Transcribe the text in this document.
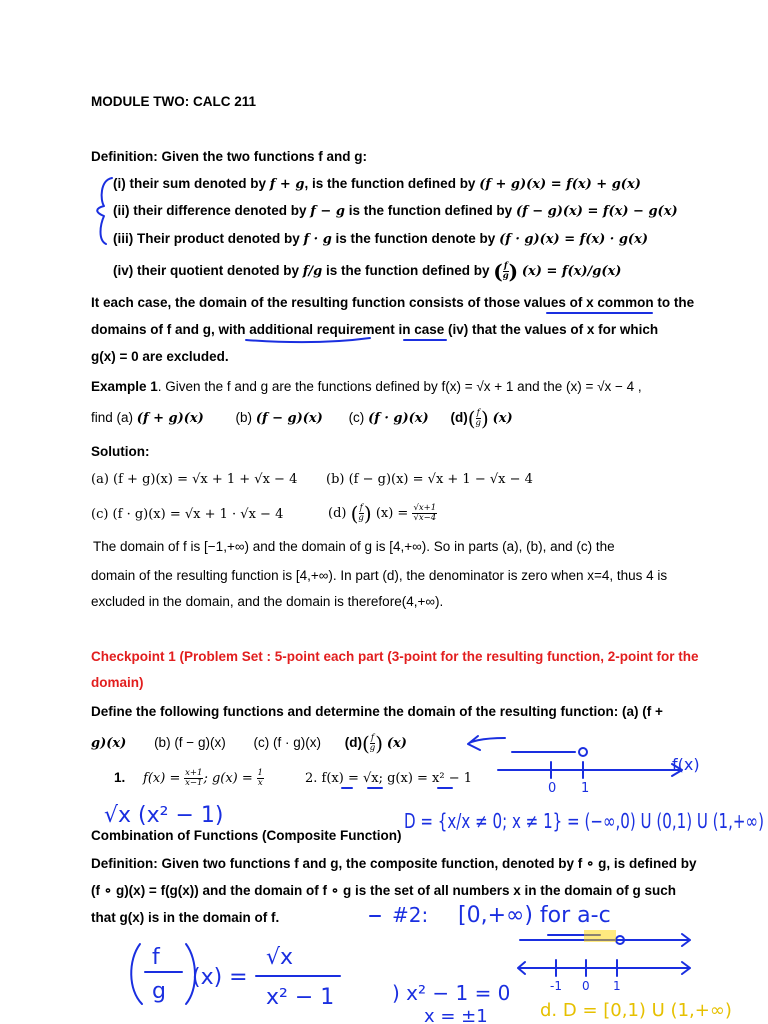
MODULE TWO: CALC 211
Definition: Given the two functions f and g:
(i) their sum denoted by f + g, is the function defined by (f + g)(x) = f(x) + g(x)
(ii) their difference denoted by f − g is the function defined by (f − g)(x) = f(x) − g(x)
(iii) Their product denoted by f · g is the function denote by (f · g)(x) = f(x) · g(x)
(iv) their quotient denoted by f/g is the function defined by ( $\frac{f}{g}$ ) (x) = f(x)/g(x)
It each case, the domain of the resulting function consists of those values of x common to the
domains of f and g, with additional requirement in case (iv) that the values of x for which
g(x) = 0 are excluded.
Example 1. Given the f and g are the functions defined by f(x) = √x + 1 and the (x) = √x − 4 ,
find (a) (f + g)(x) (b) (f − g)(x) (c) (f · g)(x) $(d)( \frac{f}{g}$ ) (x)
Solution:
(a) (f + g)(x) = √x + 1 + √x − 4 (b) (f − g)(x) = √x + 1 − √x − 4
(c) (f · g)(x) = √x + 1 · √x − 4	(d) ( $\frac{f}{g}$ ) $(x) = \frac{√x+1}{√x-4}$
The domain of f is [−1,+∞) and the domain of g is [4,+∞). So in parts (a), (b), and (c) the
domain of the resulting function is [4,+∞). In part (d), the denominator is zero when x=4, thus 4 is
excluded in the domain, and the domain is therefore(4,+∞).
Checkpoint 1 (Problem Set : 5-point each part (3-point for the resulting function, 2-point for the
domain)
Define the following functions and determine the domain of the resulting function: (a) (f +
g)(x) (b) (f − g)(x) (c) (f · g)(x) $(d)( \frac{f}{g}$ ) (x)
1. $f(x) = \frac{x+1}{x-1}$ ; $g(x) = \frac{1}{x}$	2. f(x) = √x; g(x) = x² − 1
Combination of Functions (Composite Function)
Definition: Given two functions f and g, the composite function, denoted by f ∘ g, is defined by
(f ∘ g)(x) = f(g(x)) and the domain of f ∘ g is the set of all numbers x in the domain of g such
that g(x) is in the domain of f.
f(x)
0 1
√x (x² − 1)	D = {x/x ≠ 0; x ≠ 1} = (−∞,0) U (0,1) U (1,+∞)
#2: [0,+∞) for a-c
f
g
(x) =
√x
x² − 1	) x² − 1 = 0
x = ±1
-1 0 1
d. D = [0,1) U (1,+∞)
